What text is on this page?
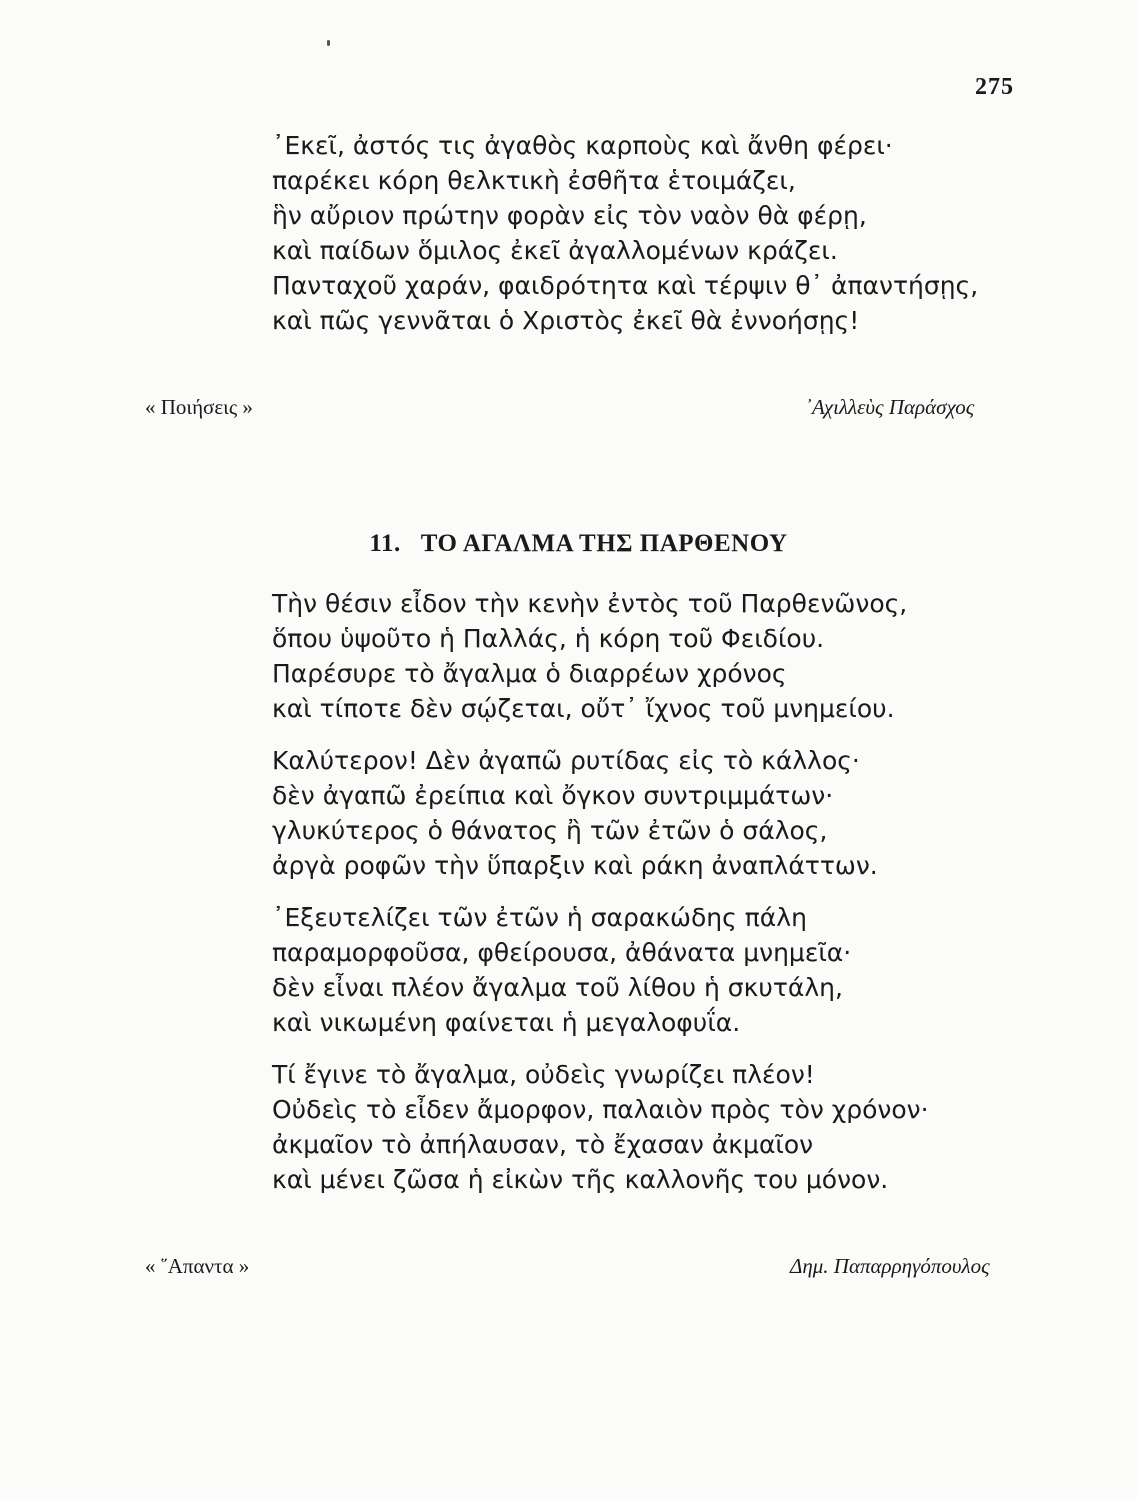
275
᾿Εκεῖ, ἀστός τις ἀγαθὸς καρποὺς καὶ ἄνθη φέρει·
παρέκει κόρη θελκτικὴ ἐσθῆτα ἑτοιμάζει,
ἣν αὔριον πρώτην φορὰν εἰς τὸν ναὸν θὰ φέρῃ,
καὶ παίδων ὅμιλος ἐκεῖ ἀγαλλομένων κράζει.
Πανταχοῦ χαράν, φαιδρότητα καὶ τέρψιν θ᾿ ἀπαντήσῃς,
καὶ πῶς γεννᾶται ὁ Χριστὸς ἐκεῖ θὰ ἐννοήσῃς!
« Ποιήσεις »	᾿Αχιλλεὺς Παράσχος
11. ΤΟ ΑΓΑΛΜΑ ΤΗΣ ΠΑΡΘΕΝΟΥ
Τὴν θέσιν εἶδον τὴν κενὴν ἐντὸς τοῦ Παρθενῶνος,
ὅπου ὑψοῦτο ἡ Παλλάς, ἡ κόρη τοῦ Φειδίου.
Παρέσυρε τὸ ἄγαλμα ὁ διαρρέων χρόνος
καὶ τίποτε δὲν σῴζεται, οὔτ᾿ ἴχνος τοῦ μνημείου.
Καλύτερον! Δὲν ἀγαπῶ ρυτίδας εἰς τὸ κάλλος·
δὲν ἀγαπῶ ἐρείπια καὶ ὄγκον συντριμμάτων·
γλυκύτερος ὁ θάνατος ἢ τῶν ἐτῶν ὁ σάλος,
ἀργὰ ροφῶν τὴν ὕπαρξιν καὶ ράκη ἀναπλάττων.
᾿Εξευτελίζει τῶν ἐτῶν ἡ σαρακώδης πάλη
παραμορφοῦσα, φθείρουσα, ἀθάνατα μνημεῖα·
δὲν εἶναι πλέον ἄγαλμα τοῦ λίθου ἡ σκυτάλη,
καὶ νικωμένη φαίνεται ἡ μεγαλοφυΐα.
Τί ἔγινε τὸ ἄγαλμα, οὐδεὶς γνωρίζει πλέον!
Οὐδεὶς τὸ εἶδεν ἄμορφον, παλαιὸν πρὸς τὸν χρόνον·
ἀκμαῖον τὸ ἀπήλαυσαν, τὸ ἔχασαν ἀκμαῖον
καὶ μένει ζῶσα ἡ εἰκὼν τῆς καλλονῆς του μόνον.
« ῞Απαντα »	Δημ. Παπαρρηγόπουλος
